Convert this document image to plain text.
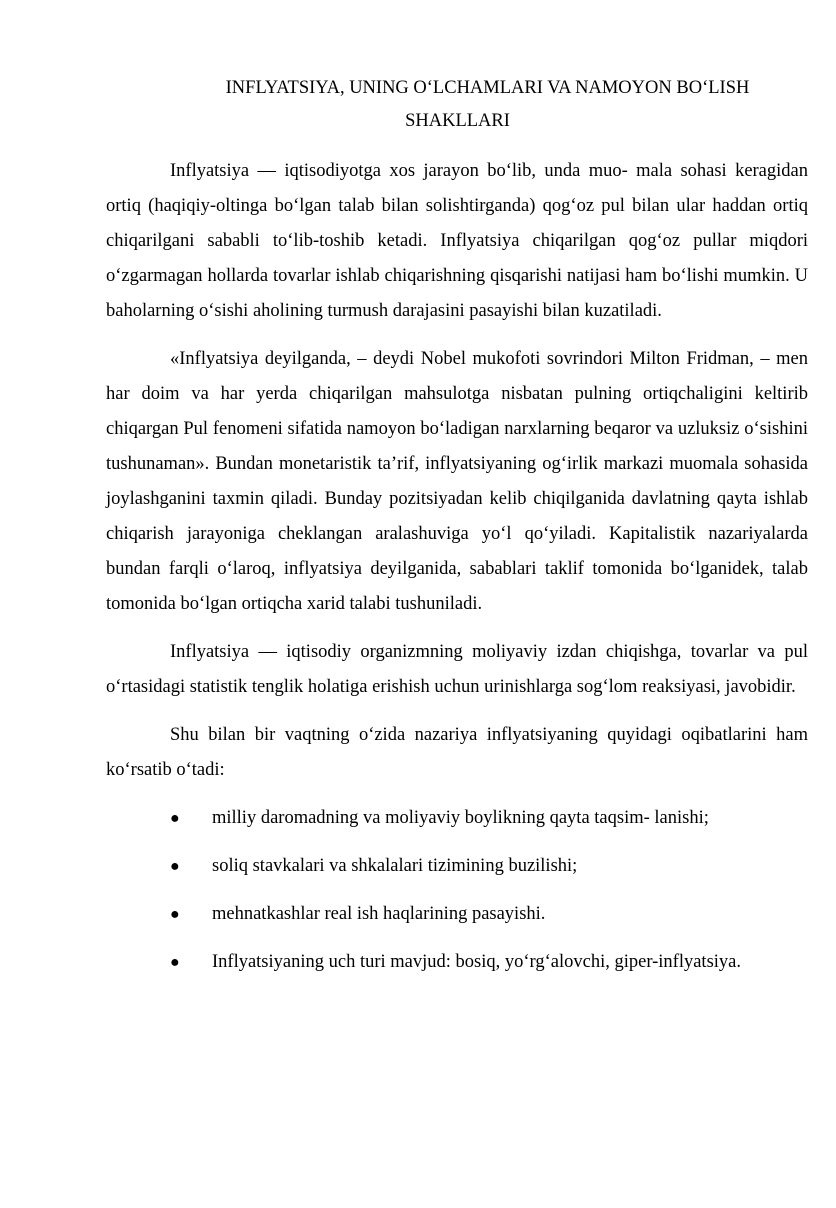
INFLYATSIYA, UNING O‘LCHAMLARI VA NAMOYON BO‘LISH
SHAKLLARI

Inflyatsiya — iqtisodiyotga xos jarayon bo‘lib, unda muo- mala sohasi keragidan ortiq (haqiqiy-oltinga bo‘lgan talab bilan solishtirganda) qog‘oz pul bilan ular haddan ortiq chiqarilgani sababli to‘lib-toshib ketadi. Inflyatsiya chiqarilgan qog‘oz pullar miqdori o‘zgarmagan hollarda tovarlar ishlab chiqarishning qisqarishi natijasi ham bo‘lishi mumkin. U baholarning o‘sishi aholining turmush darajasini pasayishi bilan kuzatiladi.

«Inflyatsiya deyilganda, – deydi Nobel mukofoti sovrindori Milton Fridman, – men har doim va har yerda chiqarilgan mahsulotga nisbatan pulning ortiqchaligini keltirib chiqargan Pul fenomeni sifatida namoyon bo‘ladigan narxlarning beqaror va uzluksiz o‘sishini tushunaman». Bundan monetaristik ta’rif, inflyatsiyaning og‘irlik markazi muomala sohasida joylashganini taxmin qiladi. Bunday pozitsiyadan kelib chiqilganida davlatning qayta ishlab chiqarish jarayoniga cheklangan aralashuviga yo‘l qo‘yiladi. Kapitalistik nazariyalarda bundan farqli o‘laroq, inflyatsiya deyilganida, sabablari taklif tomonida bo‘lganidek, talab tomonida bo‘lgan ortiqcha xarid talabi tushuniladi.

Inflyatsiya — iqtisodiy organizmning moliyaviy izdan chiqishga, tovarlar va pul o‘rtasidagi statistik tenglik holatiga erishish uchun urinishlarga sog‘lom reaksiyasi, javobidir.

Shu bilan bir vaqtning o‘zida nazariya inflyatsiyaning quyidagi oqibatlarini ham ko‘rsatib o‘tadi:

● milliy daromadning va moliyaviy boylikning qayta taqsim- lanishi;
● soliq stavkalari va shkalalari tizimining buzilishi;
● mehnatkashlar real ish haqlarining pasayishi.
● Inflyatsiyaning uch turi mavjud: bosiq, yo‘rg‘alovchi, giper-inflyatsiya.
